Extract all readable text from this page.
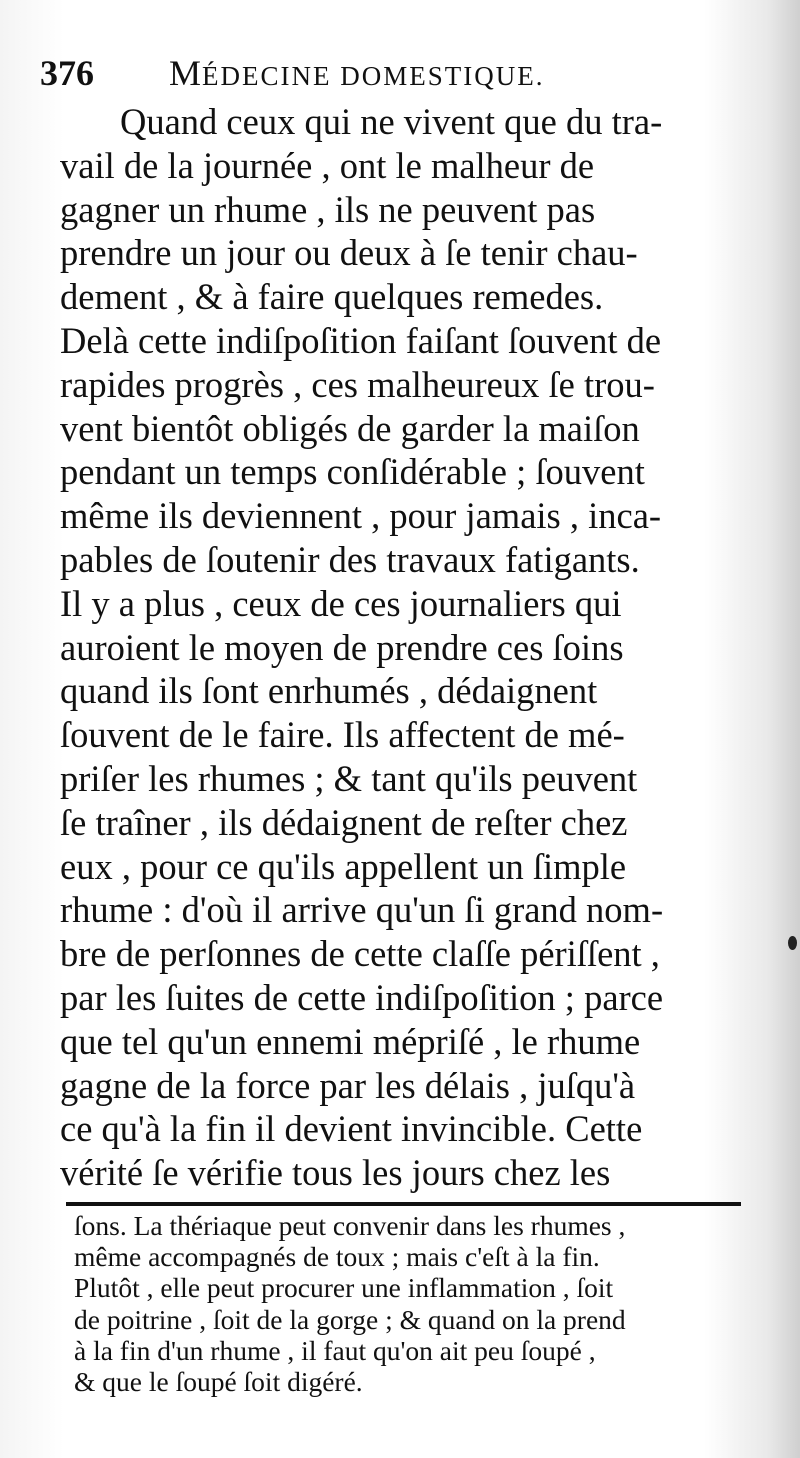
376 MÉDECINE DOMESTIQUE.
Quand ceux qui ne vivent que du tra-
vail de la journée , ont le malheur de
gagner un rhume , ils ne peuvent pas
prendre un jour ou deux à ſe tenir chau-
dement , & à faire quelques remedes.
Delà cette indiſpoſition faiſant ſouvent de
rapides progrès , ces malheureux ſe trou-
vent bientôt obligés de garder la maiſon
pendant un temps conſidérable ; ſouvent
même ils deviennent , pour jamais , inca-
pables de ſoutenir des travaux fatigants.
Il y a plus , ceux de ces journaliers qui
auroient le moyen de prendre ces ſoins
quand ils ſont enrhumés , dédaignent
ſouvent de le faire. Ils affectent de mé-
priſer les rhumes ; & tant qu'ils peuvent
ſe traîner , ils dédaignent de reſter chez
eux , pour ce qu'ils appellent un ſimple
rhume : d'où il arrive qu'un ſi grand nom-
bre de perſonnes de cette claſſe périſſent ,
par les ſuites de cette indiſpoſition ; parce
que tel qu'un ennemi mépriſé , le rhume
gagne de la force par les délais , juſqu'à
ce qu'à la fin il devient invincible. Cette
vérité ſe vérifie tous les jours chez les
ſons. La thériaque peut convenir dans les rhumes ,
même accompagnés de toux ; mais c'eſt à la fin.
Plutôt , elle peut procurer une inflammation , ſoit
de poitrine , ſoit de la gorge ; & quand on la prend
à la fin d'un rhume , il faut qu'on ait peu ſoupé ,
& que le ſoupé ſoit digéré.
